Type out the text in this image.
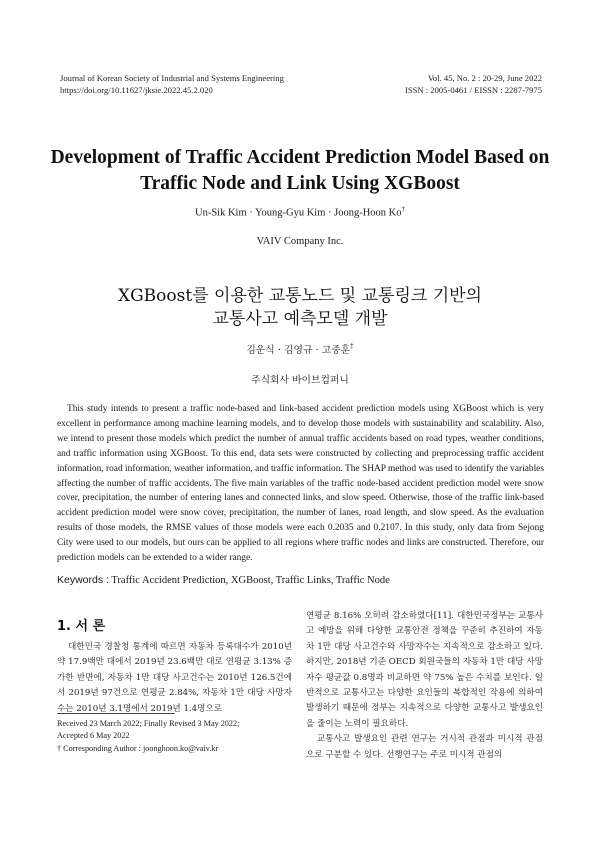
Journal of Korean Society of Industrial and Systems Engineering
https://doi.org/10.11627/jksie.2022.45.2.020
Vol. 45, No. 2 : 20-29, June 2022
ISSN : 2005-0461 / EISSN : 2287-7975
Development of Traffic Accident Prediction Model Based on
Traffic Node and Link Using XGBoost
Un-Sik Kim · Young-Gyu Kim · Joong-Hoon Ko†
VAIV Company Inc.
XGBoost를 이용한 교통노드 및 교통링크 기반의
교통사고 예측모델 개발
김운식 · 김영규 · 고중훈†
주식회사 바이브컴퍼니

This study intends to present a traffic node-based and link-based accident prediction models using XGBoost which is very excellent in performance among machine learning models, and to develop those models with sustainability and scalability. Also, we intend to present those models which predict the number of annual traffic accidents based on road types, weather conditions, and traffic information using XGBoost. To this end, data sets were constructed by collecting and preprocessing traffic accident information, road information, weather information, and traffic information. The SHAP method was used to identify the variables affecting the number of traffic accidents. The five main variables of the traffic node-based accident prediction model were snow cover, precipitation, the number of entering lanes and connected links, and slow speed. Otherwise, those of the traffic link-based accident prediction model were snow cover, precipitation, the number of lanes, road length, and slow speed. As the evaluation results of those models, the RMSE values of those models were each 0.2035 and 0.2107. In this study, only data from Sejong City were used to our models, but ours can be applied to all regions where traffic nodes and links are constructed. Therefore, our prediction models can be extended to a wider range.

Keywords : Traffic Accident Prediction, XGBoost, Traffic Links, Traffic Node
1. 서 론

대한민국 경찰청 통계에 따르면 자동차 등록대수가 2010년 약 17.9백만 대에서 2019년 23.6백만 대로 연평균 3.13% 증가한 반면에, 자동차 1만 대당 사고건수는 2010년 126.5건에서 2019년 97건으로 연평균 2.84%, 자동차 1만 대당 사망자수는 2010년 3.1명에서 2019년 1.4명으로

연평균 8.16% 오히려 감소하였다[11]. 대한민국정부는 교통사고 예방을 위해 다양한 교통안전 정책을 꾸준히 추진하여 자동차 1만 대당 사고건수와 사망자수는 지속적으로 감소하고 있다. 하지만, 2018년 기준 OECD 회원국들의 자동차 1만 대당 사망자수 평균값 0.8명과 비교하면 약 75% 높은 수치를 보인다. 일반적으로 교통사고는 다양한 요인들의 복합적인 작용에 의하여 발생하기 때문에 정부는 지속적으로 다양한 교통사고 발생요인을 줄이는 노력이 필요하다.

교통사고 발생요인 관련 연구는 거시적 관점과 미시적 관점으로 구분할 수 있다. 선행연구는 주로 미시적 관점의

Received 23 March 2022; Finally Revised 3 May 2022;
Accepted 6 May 2022
† Corresponding Author : joonghoon.ko@vaiv.kr
